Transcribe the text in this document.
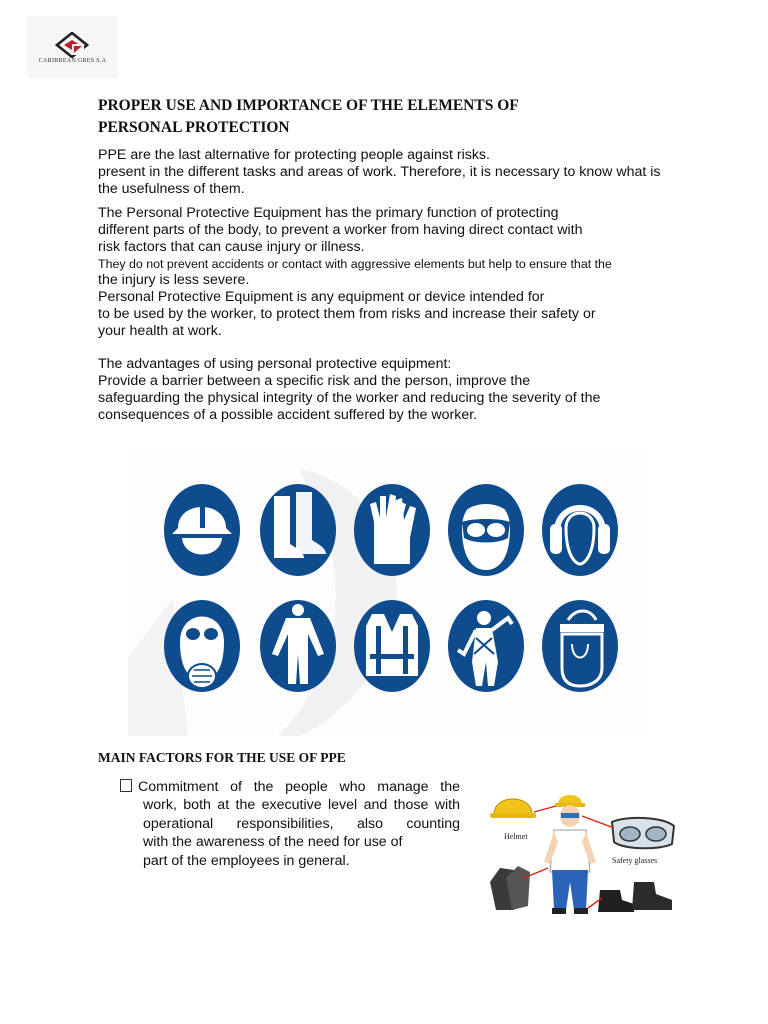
CARIBBEAN GRES S.A
PROPER USE AND IMPORTANCE OF THE ELEMENTS OF
PERSONAL PROTECTION
PPE are the last alternative for protecting people against risks.
present in the different tasks and areas of work. Therefore, it is necessary to know what is
the usefulness of them.
The Personal Protective Equipment has the primary function of protecting
different parts of the body, to prevent a worker from having direct contact with
risk factors that can cause injury or illness.
They do not prevent accidents or contact with aggressive elements but help to ensure that the
the injury is less severe.
Personal Protective Equipment is any equipment or device intended for
to be used by the worker, to protect them from risks and increase their safety or
your health at work.
The advantages of using personal protective equipment:
Provide a barrier between a specific risk and the person, improve the
safeguarding the physical integrity of the worker and reducing the severity of the
consequences of a possible accident suffered by the worker.
MAIN FACTORS FOR THE USE OF PPE
Commitment of the people who manage the
work, both at the executive level and those with
operational responsibilities, also counting
with the awareness of the need for use of
part of the employees in general.
Helmet
Safety glasses
